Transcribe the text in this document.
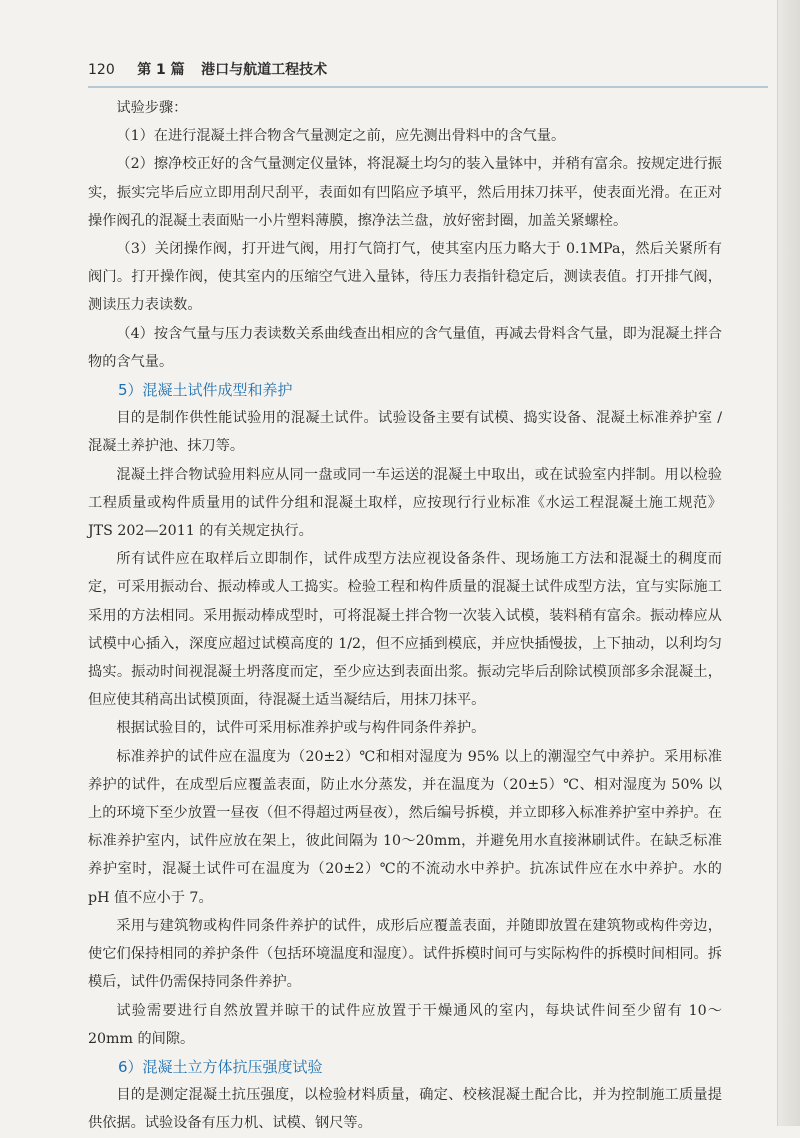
120 第 1 篇 港口与航道工程技术

试验步骤：

（1）在进行混凝土拌合物含气量测定之前，应先测出骨料中的含气量。

（2）擦净校正好的含气量测定仪量钵，将混凝土均匀的装入量钵中，并稍有富余。按规定进行振实，振实完毕后应立即用刮尺刮平，表面如有凹陷应予填平，然后用抹刀抹平，使表面光滑。在正对操作阀孔的混凝土表面贴一小片塑料薄膜，擦净法兰盘，放好密封圈，加盖关紧螺栓。

（3）关闭操作阀，打开进气阀，用打气筒打气，使其室内压力略大于 0.1MPa，然后关紧所有阀门。打开操作阀，使其室内的压缩空气进入量钵，待压力表指针稳定后，测读表值。打开排气阀，测读压力表读数。

（4）按含气量与压力表读数关系曲线查出相应的含气量值，再减去骨料含气量，即为混凝土拌合物的含气量。

5）混凝土试件成型和养护

目的是制作供性能试验用的混凝土试件。试验设备主要有试模、捣实设备、混凝土标准养护室 / 混凝土养护池、抹刀等。

混凝土拌合物试验用料应从同一盘或同一车运送的混凝土中取出，或在试验室内拌制。用以检验工程质量或构件质量用的试件分组和混凝土取样，应按现行行业标准《水运工程混凝土施工规范》JTS 202—2011 的有关规定执行。

所有试件应在取样后立即制作，试件成型方法应视设备条件、现场施工方法和混凝土的稠度而定，可采用振动台、振动棒或人工捣实。检验工程和构件质量的混凝土试件成型方法，宜与实际施工采用的方法相同。采用振动棒成型时，可将混凝土拌合物一次装入试模，装料稍有富余。振动棒应从试模中心插入，深度应超过试模高度的 1/2，但不应插到模底，并应快插慢拔，上下抽动，以利均匀捣实。振动时间视混凝土坍落度而定，至少应达到表面出浆。振动完毕后刮除试模顶部多余混凝土，但应使其稍高出试模顶面，待混凝土适当凝结后，用抹刀抹平。

根据试验目的，试件可采用标准养护或与构件同条件养护。

标准养护的试件应在温度为（20±2）℃和相对湿度为 95% 以上的潮湿空气中养护。采用标准养护的试件，在成型后应覆盖表面，防止水分蒸发，并在温度为（20±5）℃、相对湿度为 50% 以上的环境下至少放置一昼夜（但不得超过两昼夜），然后编号拆模，并立即移入标准养护室中养护。在标准养护室内，试件应放在架上，彼此间隔为 10～20mm，并避免用水直接淋刷试件。在缺乏标准养护室时，混凝土试件可在温度为（20±2）℃的不流动水中养护。抗冻试件应在水中养护。水的 pH 值不应小于 7。

采用与建筑物或构件同条件养护的试件，成形后应覆盖表面，并随即放置在建筑物或构件旁边，使它们保持相同的养护条件（包括环境温度和湿度）。试件拆模时间可与实际构件的拆模时间相同。拆模后，试件仍需保持同条件养护。

试验需要进行自然放置并晾干的试件应放置于干燥通风的室内，每块试件间至少留有 10～20mm 的间隙。

6）混凝土立方体抗压强度试验

目的是测定混凝土抗压强度，以检验材料质量，确定、校核混凝土配合比，并为控制施工质量提供依据。试验设备有压力机、试模、钢尺等。
